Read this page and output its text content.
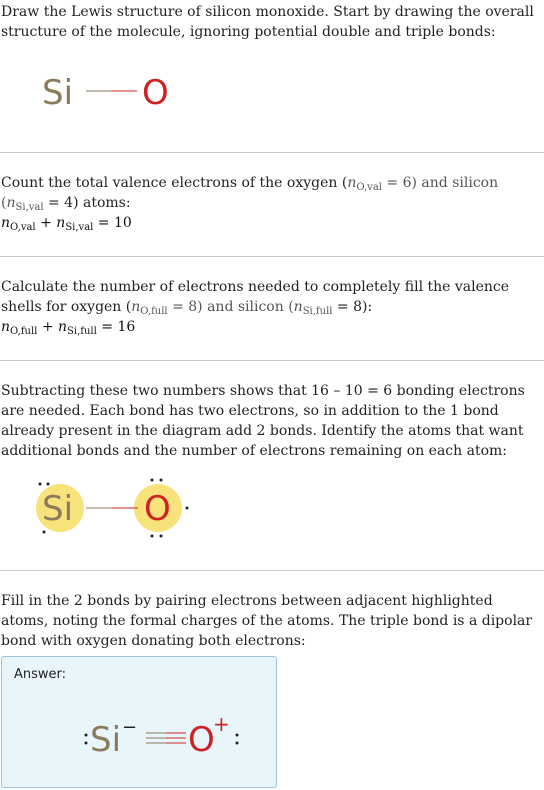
Draw the Lewis structure of silicon monoxide. Start by drawing the overall structure of the molecule, ignoring potential double and triple bonds:

Si O

Count the total valence electrons of the oxygen $(n_{O,val} = 6)$ and silicon $(n_{Si,val} = 4)$ atoms:

$n_{O,val} + n_{Si,val} = 10$

Calculate the number of electrons needed to completely fill the valence shells for oxygen $(n_{O,full} = 8)$ and silicon $(n_{Si,full} = 8)$:

$n_{O,full} + n_{Si,full} = 16$

Subtracting these two numbers shows that 16 – 10 = 6 bonding electrons are needed. Each bond has two electrons, so in addition to the 1 bond already present in the diagram add 2 bonds. Identify the atoms that want additional bonds and the number of electrons remaining on each atom:

Si O

Fill in the 2 bonds by pairing electrons between adjacent highlighted atoms, noting the formal charges of the atoms. The triple bond is a dipolar bond with oxygen donating both electrons:

Answer:
Si − O
+
